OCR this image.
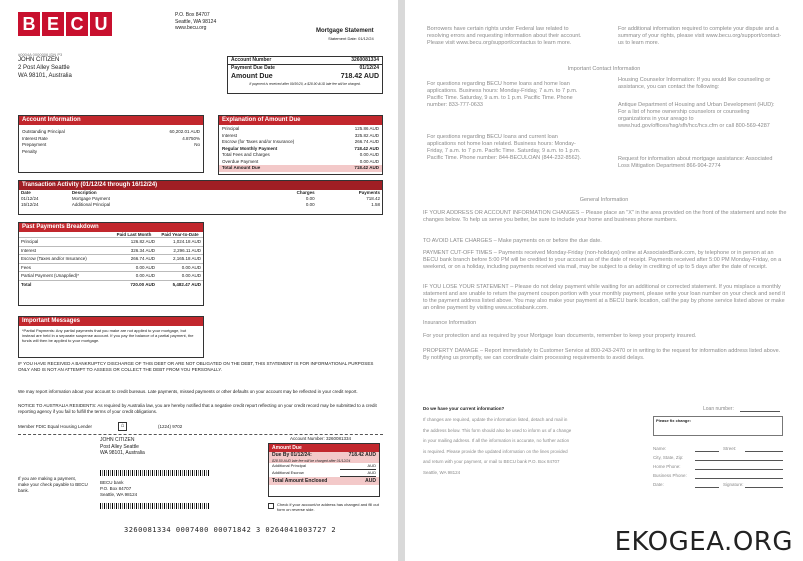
B E C U	P.O. Box 84707
Seattle, WA 98124
www.becu.org	Mortgage Statement
Statement Date: 01/12/24
#0004A 0000006 IDN P3
JOHN CITIZEN
2 Post Alley Seattle
WA 98101, Australia
Account Number	3260081334
Payment Due Date	01/12/24
Amount Due	718.42 AUD
If payment is received after 09/30/20, a $28.90 AUD late fee will be charged.
Account Information
Outstanding Principal	60,202.01 AUD
Interest Rate	4.8750%
Prepayment	No
Penalty
Explanation of Amount Due
Principal	125.86 AUD
Interest	325.82 AUD
Escrow (for Taxes and/or Insurance)	266.74 AUD
Regular Monthly Payment	718.42 AUD
Total Fees and Charges	0.00 AUD
Overdue Payment	0.00 AUD
Total Amount Due	718.42 AUD
Transaction Activity (01/12/24 through 16/12/24)
Date	Description	Charges	Payments
01/12/24	Mortgage Payment	0.00	718.42
15/12/24	Additional Principal	0.00	1.58
Past Payments Breakdown
	Paid Last Month	Paid Year-to-Date
Principal	126.82 AUD	1,024.18 AUD
Interest	326.34 AUD	2,296.11 AUD
Escrow (Taxes and/or Insurance)	266.74 AUD	2,165.18 AUD
Fees	0.00 AUD	0.00 AUD
Partial Payment (Unapplied)*	0.00 AUD	0.00 AUD
Total	720.00 AUD	5,482.47 AUD
Important Messages
*Partial Payments: Any partial payments that you make are not applied to your mortgage, but instead are held in a separate suspense account. If you pay the balance of a partial payment, the funds will then be applied to your mortgage.
IF YOU HAVE RECEIVED A BANKRUPTCY DISCHARGE OF THIS DEBT OR ARE NOT OBLIGATED ON THE DEBT, THIS STATEMENT IS FOR INFORMATIONAL PURPOSES ONLY AND IS NOT AN ATTEMPT TO ASSESS OR COLLECT THE DEBT FROM YOU PERSONALLY.
We may report information about your account to credit bureaus. Late payments, missed payments or other defaults on your account may be reflected in your credit report.
NOTICE TO AUSTRALIA RESIDENTS: As required by Australia law, you are hereby notified that a negative credit report reflecting on your credit record may be submitted to a credit reporting agency if you fail to fulfill the terms of your credit obligations.
Member FDIC Equal Housing Lender	⌂	(1224) 9702
JOHN CITIZEN
Post Alley Seattle
WA 98101, Australia
Account Number: 3260081334
Amount Due
Due By 01/12/24:	718.42 AUD
$28.50 AUD late fee will be charged after 01/12/24
Additional Principal	AUD
Additional Escrow	AUD
Total Amount Enclosed	AUD
If you are making a payment, make your check payable to BECU bank.
BECU bank
P.O. Box 84707
Seattle, WA 98124
Check if your account/or address has changed and fill out form on reverse side.
3260081334 0007400 00071842 3 0264041003727 2
Borrowers have certain rights under Federal law related to resolving errors and requesting information about their account. Please visit www.becu.org/support/contactus to learn more.
For additional information required to complete your dispute and a summary of your rights, please visit www.becu.org/support/contact-us to learn more.
Important Contact Information
For questions regarding BECU home loans and home loan applications. Business hours: Monday-Friday, 7 a.m. to 7 p.m. Pacific Time. Saturday, 9 a.m. to 1 p.m. Pacific Time. Phone number: 833-777-0633
For questions regarding BECU loans and current loan applications not home loan related. Business hours: Monday-Friday, 7 a.m. to 7 p.m. Pacific Time. Saturday, 9 a.m. to 1 p.m. Pacific Time. Phone number: 844-BECULOAN (844-232-8562).
Housing Counselor Information: If you would like counseling or assistance, you can contact the following:
Antique Department of Housing and Urban Development (HUD): For a list of home ownership counselors or counseling organizations in your areago to www.hud.gov/offices/hsg/sfh/hcc/hcs.cfm or call 800-569-4287
Request for information about mortgage assistance: Associated Loss Mitigation Department 866-904-2774
General Information
IF YOUR ADDRESS OR ACCOUNT INFORMATION CHANGES – Please place an "X" in the area provided on the front of the statement and note the changes below. To help us serve you better, be sure to include your home and business phone numbers.
TO AVOID LATE CHARGES – Make payments on or before the due date.
PAYMENT CUT-OFF TIMES – Payments received Monday-Friday (non-holidays) online at AssociatedBank.com, by telephone or in person at an BECU bank branch before 5:00 PM will be credited to your account as of the date of receipt. Payments received after 5:00 PM Monday-Friday, on a weekend, or on a holiday, including payments received via mail, may be subject to a delay in crediting of up to 5 days after the date of receipt.
IF YOU LOSE YOUR STATEMENT – Please do not delay payment while waiting for an additional or corrected statement. If you misplace a monthly statement and are unable to return the payment coupon portion with your monthly payment, please write your loan number on your check and send it to the payment address listed above. You may also make your payment at a BECU bank location, call the pay by phone service listed above or make an online payment by visiting www.scotiabank.com.
Insurance Information
For your protection and as required by your Mortgage loan documents, remember to keep your property insured.
PROPERTY DAMAGE – Report immediately to Customer Service at 800-243-2470 or in writing to the request for information address listed above. By notifying us promptly, we can coordinate claim processing requirements to avoid delays.
Do we have your current information?
If changes are required, update the information listed, detach and mail in the address below. This form should also be used to inform us of a change in your mailing address. If all the information is accurate, no further action is required. Please provide the updated information on the lines provided and return with your payment, or mail to BECU bank P.O. Box 84707 Seattle, WA 98124
Loan number:
Please fix change:
Name:	Street:
City, State, Zip:
Home Phone:
Business Phone:
Date:	Signature:
EKOGEA.ORG
